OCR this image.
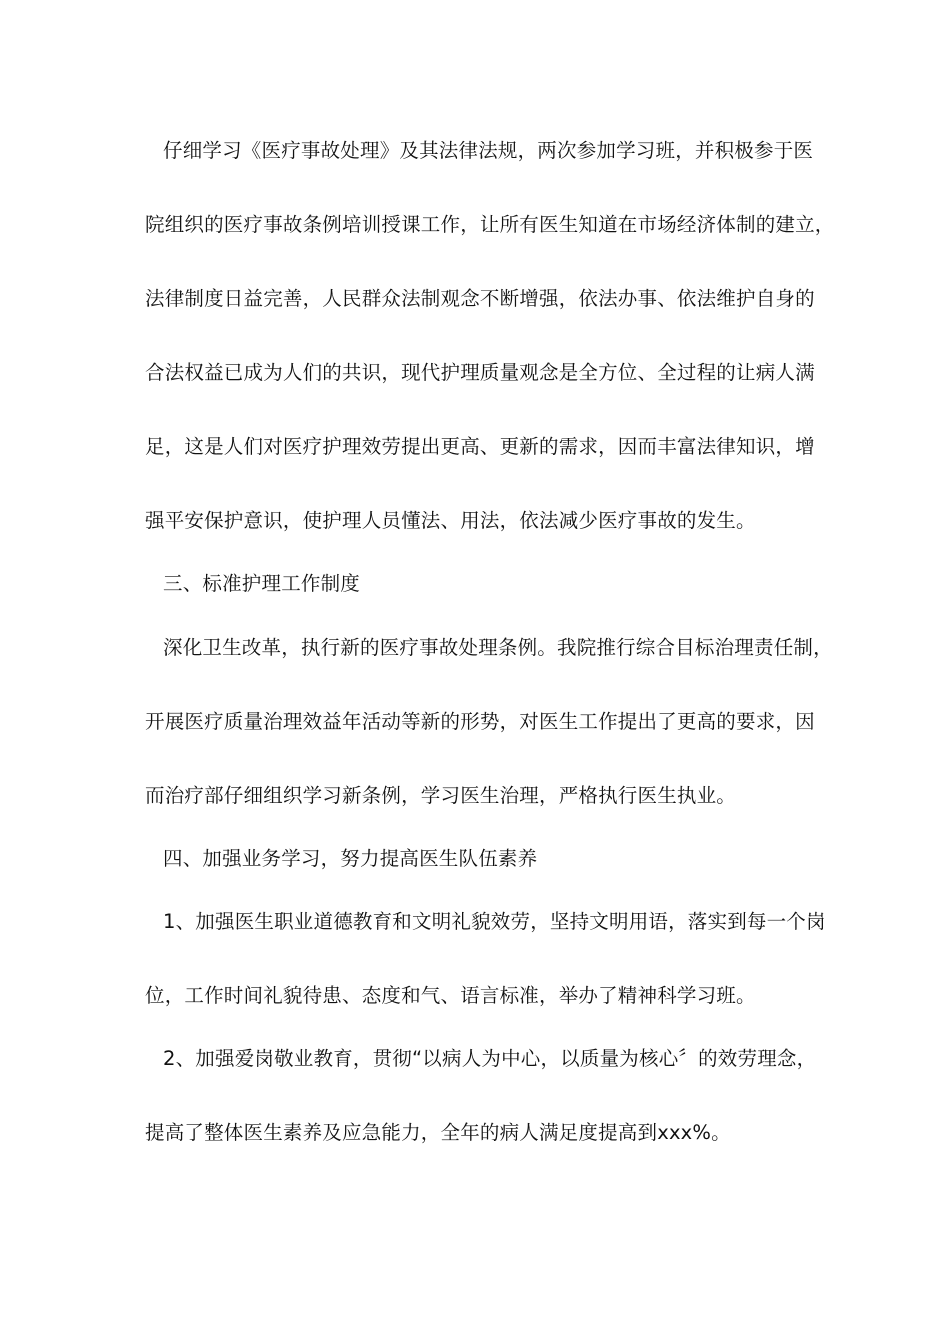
仔细学习《医疗事故处理》及其法律法规，两次参加学习班，并积极参于医
院组织的医疗事故条例培训授课工作，让所有医生知道在市场经济体制的建立，
法律制度日益完善，人民群众法制观念不断增强，依法办事、依法维护自身的
合法权益已成为人们的共识，现代护理质量观念是全方位、全过程的让病人满
足，这是人们对医疗护理效劳提出更高、更新的需求，因而丰富法律知识，增
强平安保护意识，使护理人员懂法、用法，依法减少医疗事故的发生。
三、标准护理工作制度
深化卫生改革，执行新的医疗事故处理条例。我院推行综合目标治理责任制，
开展医疗质量治理效益年活动等新的形势，对医生工作提出了更高的要求，因
而治疗部仔细组织学习新条例，学习医生治理，严格执行医生执业。
四、加强业务学习，努力提高医生队伍素养
1、加强医生职业道德教育和文明礼貌效劳，坚持文明用语，落实到每一个岗
位，工作时间礼貌待患、态度和气、语言标准，举办了精神科学习班。
2、加强爱岗敬业教育，贯彻“以病人为中心，以质量为核心〞的效劳理念，
提高了整体医生素养及应急能力，全年的病人满足度提高到xxx%。
